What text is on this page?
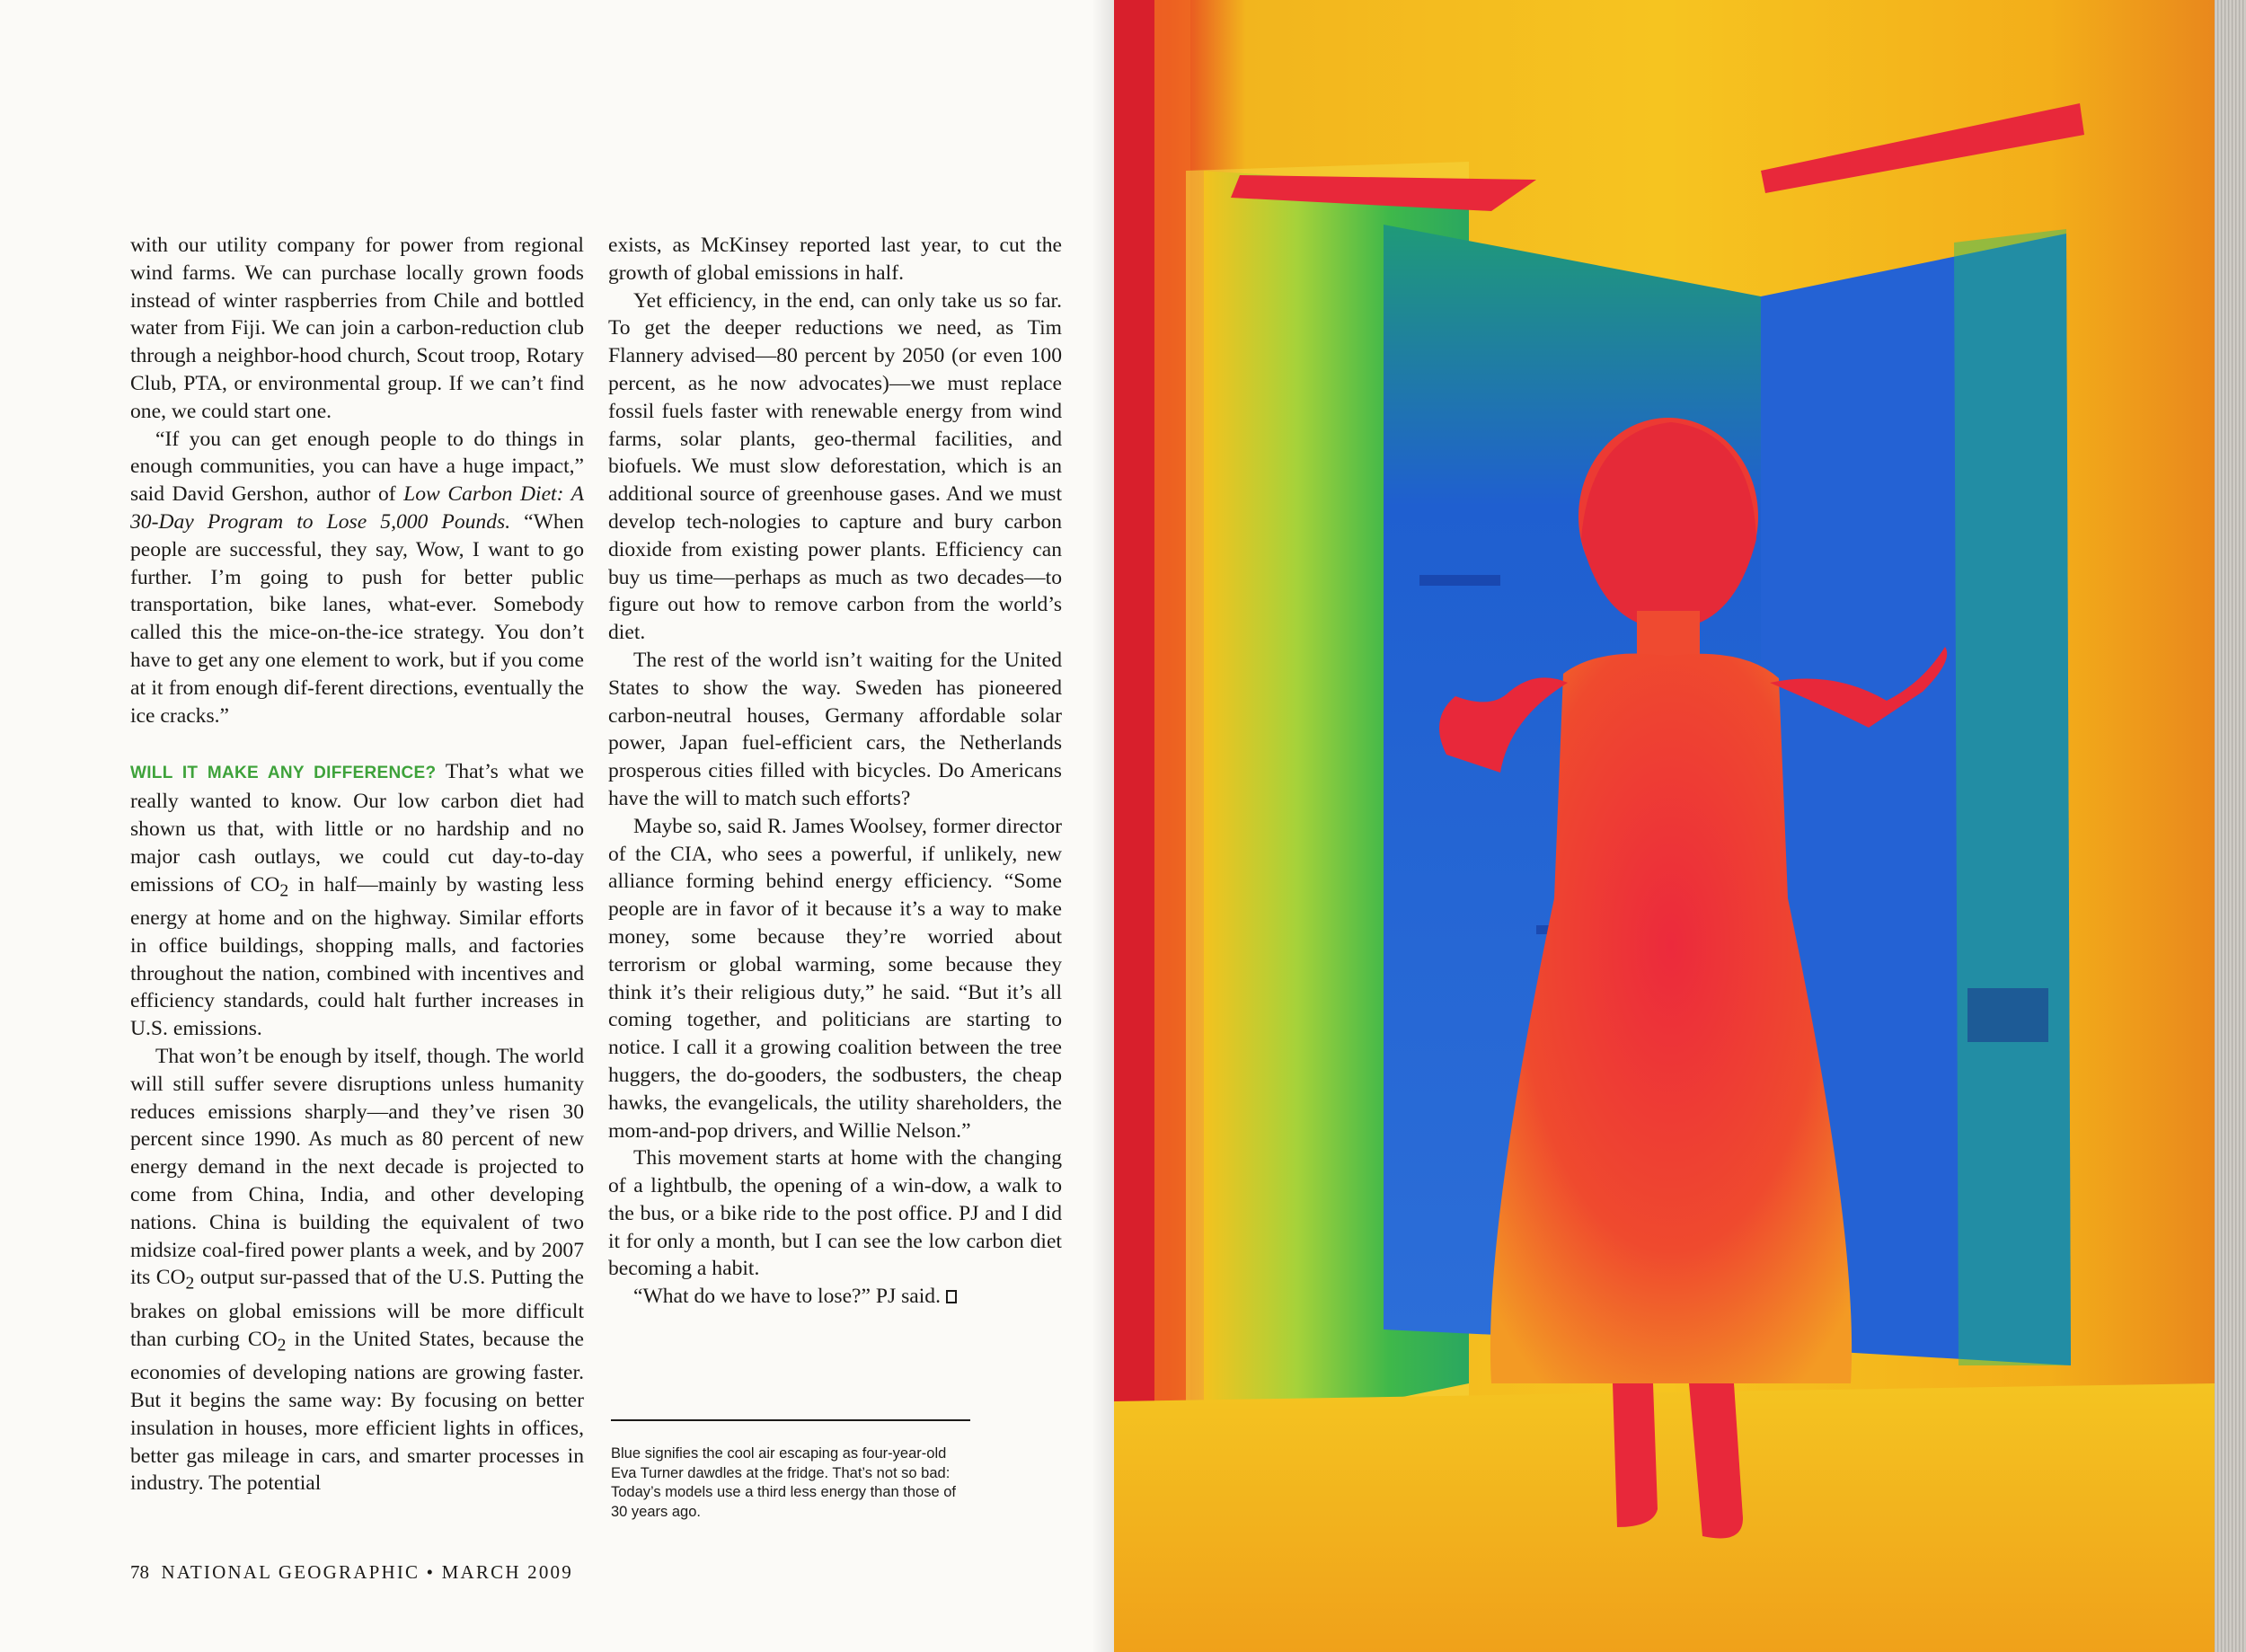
with our utility company for power from regional wind farms. We can purchase locally grown foods instead of winter raspberries from Chile and bottled water from Fiji. We can join a carbon-reduction club through a neighbor-hood church, Scout troop, Rotary Club, PTA, or environmental group. If we can’t find one, we could start one.

“If you can get enough people to do things in enough communities, you can have a huge impact,” said David Gershon, author of Low Carbon Diet: A 30-Day Program to Lose 5,000 Pounds. “When people are successful, they say, Wow, I want to go further. I’m going to push for better public transportation, bike lanes, what-ever. Somebody called this the mice-on-the-ice strategy. You don’t have to get any one element to work, but if you come at it from enough dif-ferent directions, eventually the ice cracks.”

WILL IT MAKE ANY DIFFERENCE? That’s what we really wanted to know. Our low carbon diet had shown us that, with little or no hardship and no major cash outlays, we could cut day-to-day emissions of $CO_2$ in half—mainly by wasting less energy at home and on the highway. Similar efforts in office buildings, shopping malls, and factories throughout the nation, combined with incentives and efficiency standards, could halt further increases in U.S. emissions.

That won’t be enough by itself, though. The world will still suffer severe disruptions unless humanity reduces emissions sharply—and they’ve risen 30 percent since 1990. As much as 80 percent of new energy demand in the next decade is projected to come from China, India, and other developing nations. China is building the equivalent of two midsize coal-fired power plants a week, and by 2007 its $CO_2$ output sur-passed that of the U.S. Putting the brakes on global emissions will be more difficult than curbing $CO_2$ in the United States, because the economies of developing nations are growing faster. But it begins the same way: By focusing on better insulation in houses, more efficient lights in offices, better gas mileage in cars, and smarter processes in industry. The potential

exists, as McKinsey reported last year, to cut the growth of global emissions in half.

Yet efficiency, in the end, can only take us so far. To get the deeper reductions we need, as Tim Flannery advised—80 percent by 2050 (or even 100 percent, as he now advocates)—we must replace fossil fuels faster with renewable energy from wind farms, solar plants, geo-thermal facilities, and biofuels. We must slow deforestation, which is an additional source of greenhouse gases. And we must develop tech-nologies to capture and bury carbon dioxide from existing power plants. Efficiency can buy us time—perhaps as much as two decades—to figure out how to remove carbon from the world’s diet.

The rest of the world isn’t waiting for the United States to show the way. Sweden has pioneered carbon-neutral houses, Germany affordable solar power, Japan fuel-efficient cars, the Netherlands prosperous cities filled with bicycles. Do Americans have the will to match such efforts?

Maybe so, said R. James Woolsey, former director of the CIA, who sees a powerful, if unlikely, new alliance forming behind energy efficiency. “Some people are in favor of it because it’s a way to make money, some because they’re worried about terrorism or global warming, some because they think it’s their religious duty,” he said. “But it’s all coming together, and politicians are starting to notice. I call it a growing coalition between the tree huggers, the do-gooders, the sodbusters, the cheap hawks, the evangelicals, the utility shareholders, the mom-and-pop drivers, and Willie Nelson.”

This movement starts at home with the changing of a lightbulb, the opening of a win-dow, a walk to the bus, or a bike ride to the post office. PJ and I did it for only a month, but I can see the low carbon diet becoming a habit.

“What do we have to lose?” PJ said.

Blue signifies the cool air escaping as four-year-old Eva Turner dawdles at the fridge. That’s not so bad: Today’s models use a third less energy than those of 30 years ago.
78 NATIONAL GEOGRAPHIC • MARCH 2009
